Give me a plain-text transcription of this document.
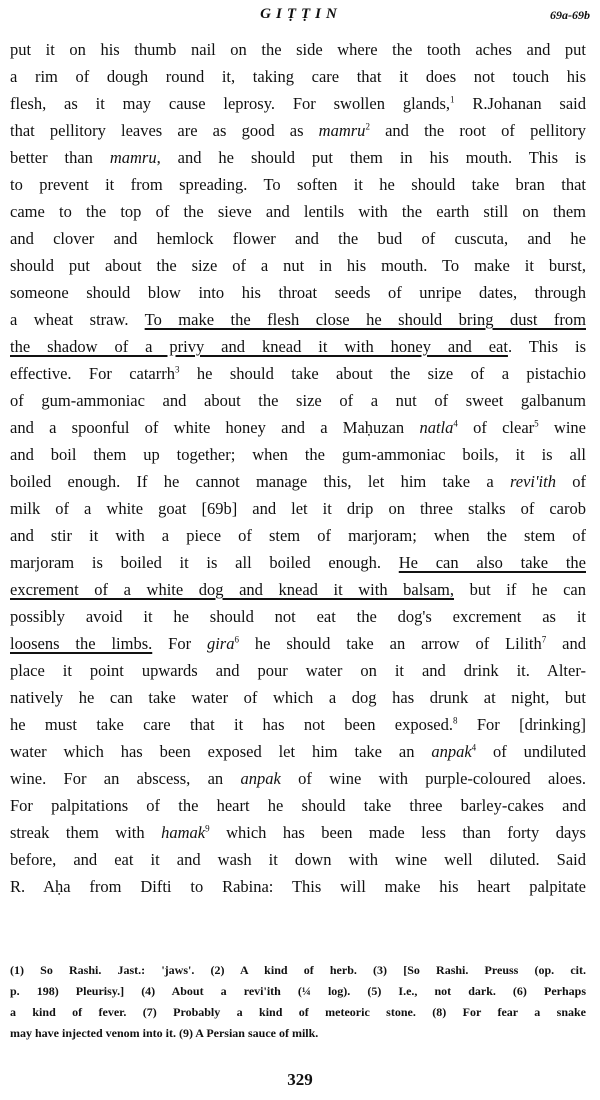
GIṬṬIN	69a-69b
put it on his thumb nail on the side where the tooth aches and put
a rim of dough round it, taking care that it does not touch his
flesh, as it may cause leprosy. For swollen glands,$^1$ R.Johanan said
that pellitory leaves are as good as mamru$^2$ and the root of pellitory
better than mamru, and he should put them in his mouth. This is
to prevent it from spreading. To soften it he should take bran that
came to the top of the sieve and lentils with the earth still on them
and clover and hemlock flower and the bud of cuscuta, and he
should put about the size of a nut in his mouth. To make it burst,
someone should blow into his throat seeds of unripe dates, through
a wheat straw. To make the flesh close he should bring dust from
the shadow of a privy and knead it with honey and eat. This is
effective. For catarrh$^3$ he should take about the size of a pistachio
of gum-ammoniac and about the size of a nut of sweet galbanum
and a spoonful of white honey and a Maḥuzan natla$^4$ of clear$^5$ wine
and boil them up together; when the gum-ammoniac boils, it is all
boiled enough. If he cannot manage this, let him take a revi'ith of
milk of a white goat [69b] and let it drip on three stalks of carob
and stir it with a piece of stem of marjoram; when the stem of
marjoram is boiled it is all boiled enough. He can also take the
excrement of a white dog and knead it with balsam, but if he can
possibly avoid it he should not eat the dog's excrement as it
loosens the limbs. For gira$^6$ he should take an arrow of Lilith$^7$ and
place it point upwards and pour water on it and drink it. Alter-
natively he can take water of which a dog has drunk at night, but
he must take care that it has not been exposed.$^8$ For [drinking]
water which has been exposed let him take an anpak$^4$ of undiluted
wine. For an abscess, an anpak of wine with purple-coloured aloes.
For palpitations of the heart he should take three barley-cakes and
streak them with hamak$^9$ which has been made less than forty days
before, and eat it and wash it down with wine well diluted. Said
R. Aḥa from Difti to Rabina: This will make his heart palpitate
(1) So Rashi. Jast.: 'jaws'. (2) A kind of herb. (3) [So Rashi. Preuss (op. cit.
p. 198) Pleurisy.] (4) About a revi'ith (¼ log). (5) I.e., not dark. (6) Perhaps
a kind of fever. (7) Probably a kind of meteoric stone. (8) For fear a snake
may have injected venom into it. (9) A Persian sauce of milk.
329
